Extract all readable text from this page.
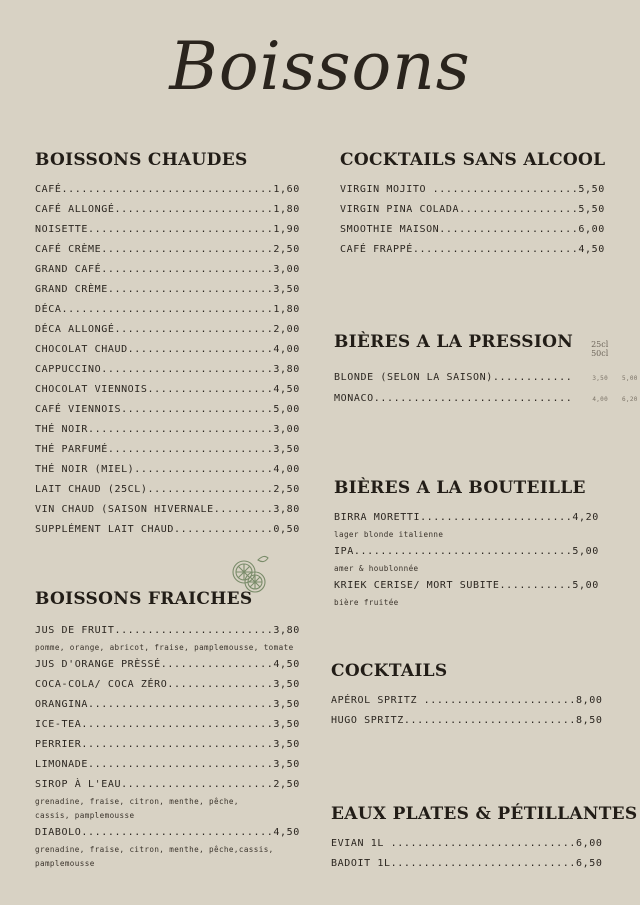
Boissons
BOISSONS CHAUDES
CAFÉ................................1,60
CAFÉ ALLONGÉ........................1,80
NOISETTE............................1,90
CAFÉ CRÈME..........................2,50
GRAND CAFÉ..........................3,00
GRAND CRÈME.........................3,50
DÉCA................................1,80
DÉCA ALLONGÉ........................2,00
CHOCOLAT CHAUD......................4,00
CAPPUCCINO..........................3,80
CHOCOLAT VIENNOIS...................4,50
CAFÉ VIENNOIS.......................5,00
THÉ NOIR............................3,00
THÉ PARFUMÉ.........................3,50
THÉ NOIR (MIEL).....................4,00
LAIT CHAUD (25CL)...................2,50
VIN CHAUD (SAISON HIVERNALE.........3,80
SUPPLÉMENT LAIT CHAUD...............0,50
BOISSONS FRAICHES
JUS DE FRUIT........................3,80
pomme, orange, abricot, fraise, pamplemousse, tomate
JUS D'ORANGE PRÈSSÉ.................4,50
COCA-COLA/ COCA ZÉRO................3,50
ORANGINA............................3,50
ICE-TEA.............................3,50
PERRIER.............................3,50
LIMONADE............................3,50
SIROP À L'EAU.......................2,50
grenadine, fraise, citron, menthe, pêche,
cassis, pamplemousse
DIABOLO.............................4,50
grenadine, fraise, citron, menthe, pêche,cassis,
pamplemousse
COCKTAILS SANS ALCOOL
VIRGIN MOJITO ......................5,50
VIRGIN PINA COLADA..................5,50
SMOOTHIE MAISON.....................6,00
CAFÉ FRAPPÉ.........................4,50
BIÈRES A LA PRESSION 25cl 50cl
BLONDE (SELON LA SAISON)............	3,50 5,00
MONACO..............................	4,00 6,20
BIÈRES A LA BOUTEILLE
BIRRA MORETTI.......................4,20
lager blonde italienne
IPA.................................5,00
amer & houblonnée
KRIEK CERISE/ MORT SUBITE...........5,00
bière fruitée
COCKTAILS
APÉROL SPRITZ .......................8,00
HUGO SPRITZ..........................8,50
EAUX PLATES & PÉTILLANTES
EVIAN 1L ............................6,00
BADOIT 1L............................6,50
